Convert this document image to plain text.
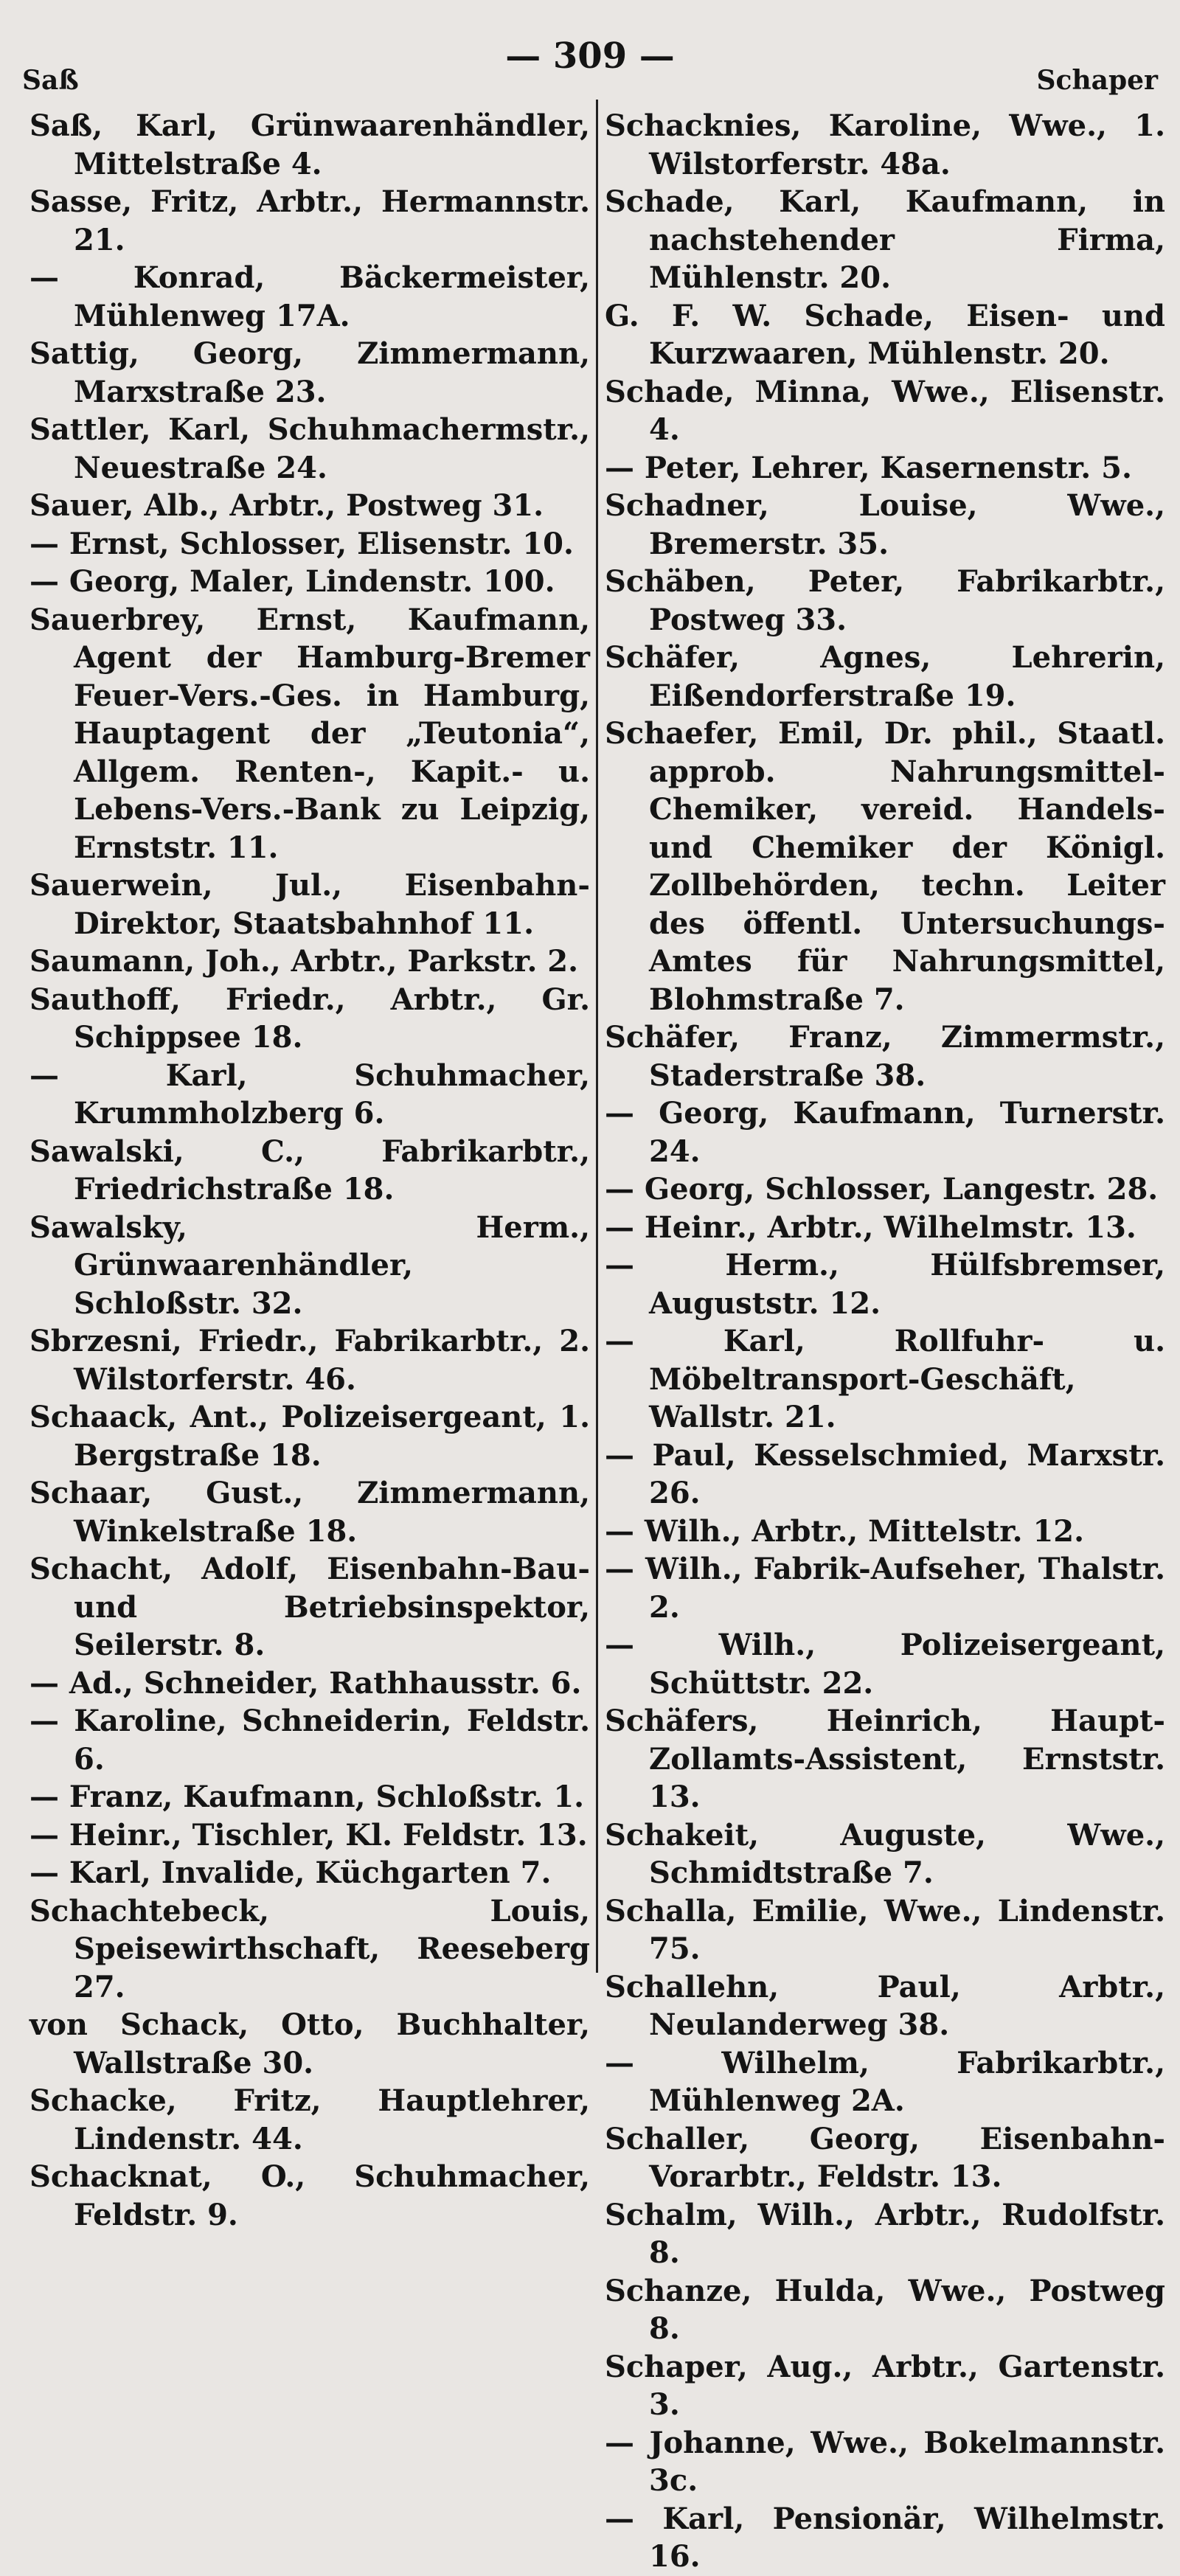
Saß
— 309 —
Schaper

Saß, Karl, Grünwaarenhändler, Mittelstraße 4.

Sasse, Fritz, Arbtr., Hermannstr. 21.

— Konrad, Bäckermeister, Mühlenweg 17A.

Sattig, Georg, Zimmermann, Marxstraße 23.

Sattler, Karl, Schuhmachermstr., Neuestraße 24.

Sauer, Alb., Arbtr., Postweg 31.

— Ernst, Schlosser, Elisenstr. 10.

— Georg, Maler, Lindenstr. 100.

Sauerbrey, Ernst, Kaufmann, Agent der Hamburg-Bremer Feuer-Vers.-Ges. in Hamburg, Hauptagent der „Teutonia“, Allgem. Renten-, Kapit.- u. Lebens-Vers.-Bank zu Leipzig, Ernststr. 11.

Sauerwein, Jul., Eisenbahn-Direktor, Staatsbahnhof 11.

Saumann, Joh., Arbtr., Parkstr. 2.

Sauthoff, Friedr., Arbtr., Gr. Schippsee 18.

— Karl, Schuhmacher, Krummholzberg 6.

Sawalski, C., Fabrikarbtr., Friedrichstraße 18.

Sawalsky, Herm., Grünwaarenhändler, Schloßstr. 32.

Sbrzesni, Friedr., Fabrikarbtr., 2. Wilstorferstr. 46.

Schaack, Ant., Polizeisergeant, 1. Bergstraße 18.

Schaar, Gust., Zimmermann, Winkelstraße 18.

Schacht, Adolf, Eisenbahn-Bau- und Betriebsinspektor, Seilerstr. 8.

— Ad., Schneider, Rathhausstr. 6.

— Karoline, Schneiderin, Feldstr. 6.

— Franz, Kaufmann, Schloßstr. 1.

— Heinr., Tischler, Kl. Feldstr. 13.

— Karl, Invalide, Küchgarten 7.

Schachtebeck, Louis, Speisewirthschaft, Reeseberg 27.

von Schack, Otto, Buchhalter, Wallstraße 30.

Schacke, Fritz, Hauptlehrer, Lindenstr. 44.

Schacknat, O., Schuhmacher, Feldstr. 9.

Schacknies, Karoline, Wwe., 1. Wilstorferstr. 48a.

Schade, Karl, Kaufmann, in nachstehender Firma, Mühlenstr. 20.

G. F. W. Schade, Eisen- und Kurzwaaren, Mühlenstr. 20.

Schade, Minna, Wwe., Elisenstr. 4.

— Peter, Lehrer, Kasernenstr. 5.

Schadner, Louise, Wwe., Bremerstr. 35.

Schäben, Peter, Fabrikarbtr., Postweg 33.

Schäfer, Agnes, Lehrerin, Eißendorferstraße 19.

Schaefer, Emil, Dr. phil., Staatl. approb. Nahrungsmittel-Chemiker, vereid. Handels- und Chemiker der Königl. Zollbehörden, techn. Leiter des öffentl. Untersuchungs-Amtes für Nahrungsmittel, Blohmstraße 7.

Schäfer, Franz, Zimmermstr., Staderstraße 38.

— Georg, Kaufmann, Turnerstr. 24.

— Georg, Schlosser, Langestr. 28.

— Heinr., Arbtr., Wilhelmstr. 13.

— Herm., Hülfsbremser, Auguststr. 12.

— Karl, Rollfuhr- u. Möbeltransport-Geschäft, Wallstr. 21.

— Paul, Kesselschmied, Marxstr. 26.

— Wilh., Arbtr., Mittelstr. 12.

— Wilh., Fabrik-Aufseher, Thalstr. 2.

— Wilh., Polizeisergeant, Schüttstr. 22.

Schäfers, Heinrich, Haupt-Zollamts-Assistent, Ernststr. 13.

Schakeit, Auguste, Wwe., Schmidtstraße 7.

Schalla, Emilie, Wwe., Lindenstr. 75.

Schallehn, Paul, Arbtr., Neulanderweg 38.

— Wilhelm, Fabrikarbtr., Mühlenweg 2A.

Schaller, Georg, Eisenbahn-Vorarbtr., Feldstr. 13.

Schalm, Wilh., Arbtr., Rudolfstr. 8.

Schanze, Hulda, Wwe., Postweg 8.

Schaper, Aug., Arbtr., Gartenstr. 3.

— Johanne, Wwe., Bokelmannstr. 3c.

— Karl, Pensionär, Wilhelmstr. 16.
